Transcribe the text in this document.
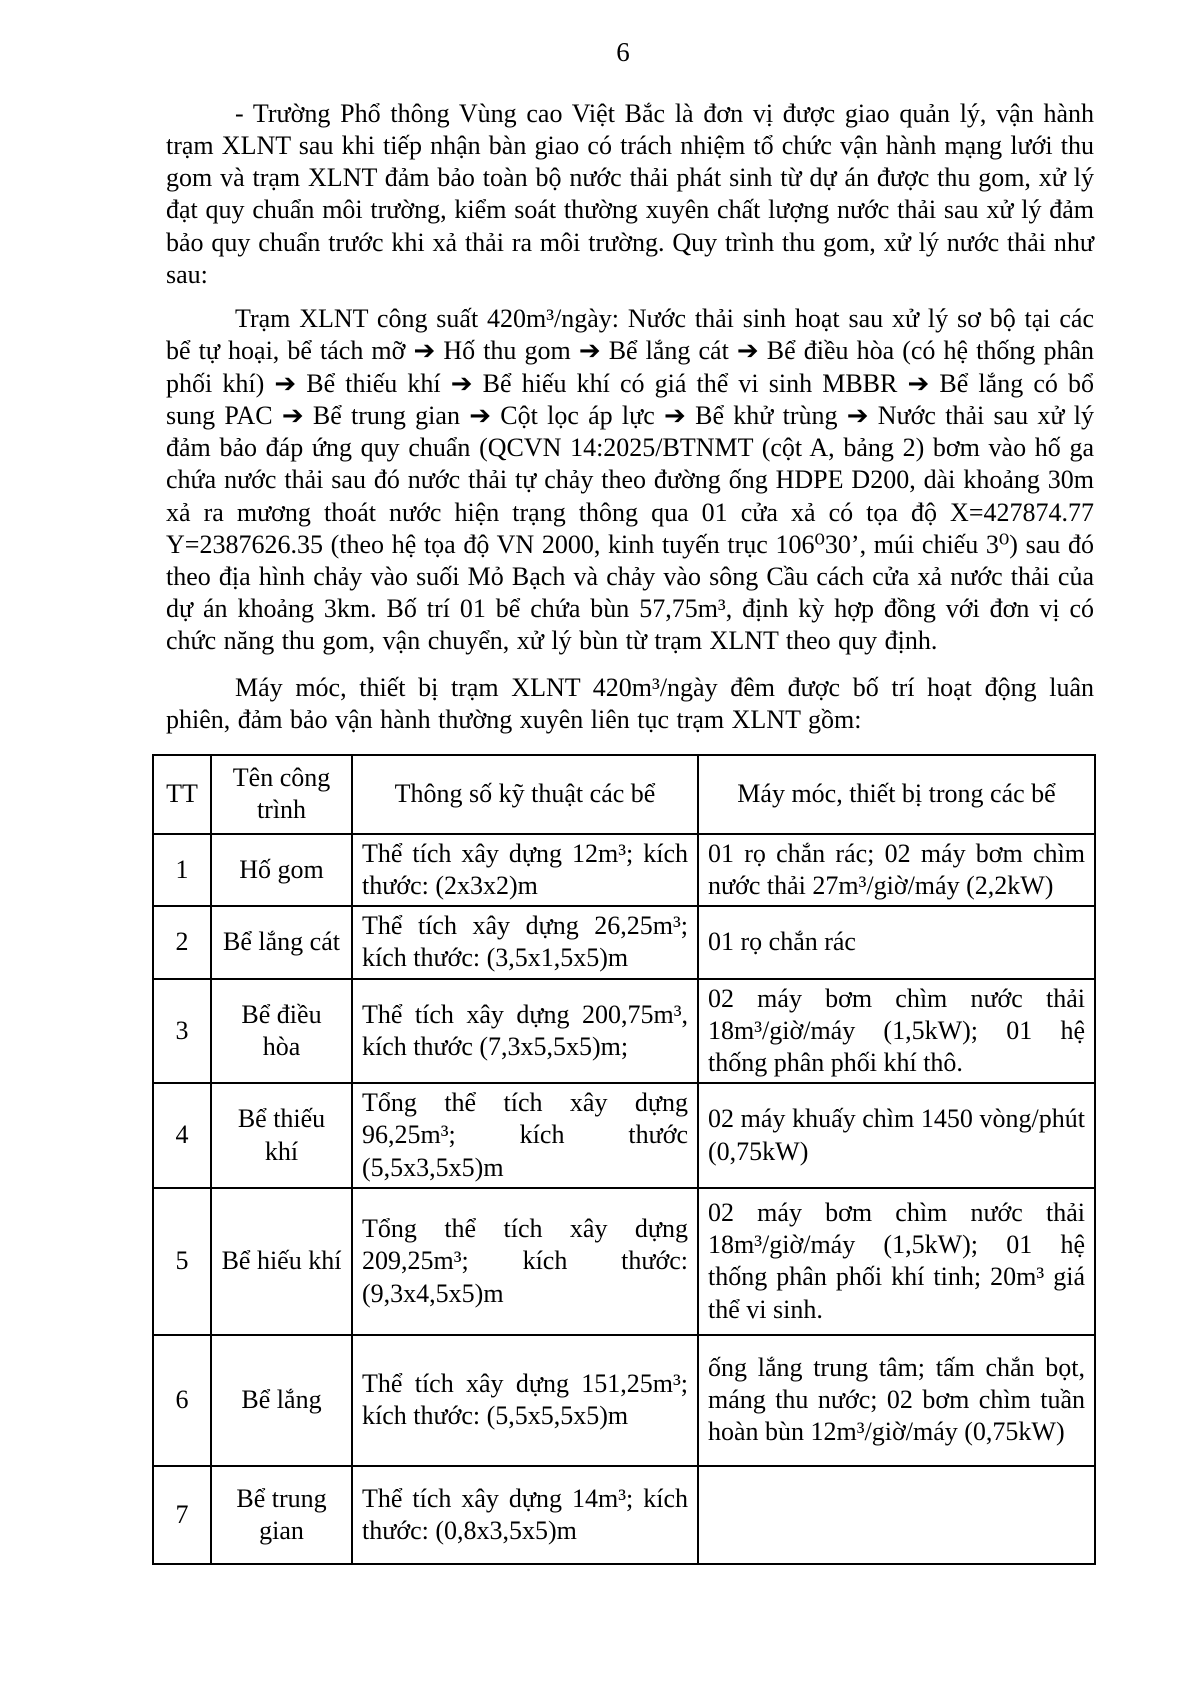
6

- Trường Phổ thông Vùng cao Việt Bắc là đơn vị được giao quản lý, vận hành trạm XLNT sau khi tiếp nhận bàn giao có trách nhiệm tổ chức vận hành mạng lưới thu gom và trạm XLNT đảm bảo toàn bộ nước thải phát sinh từ dự án được thu gom, xử lý đạt quy chuẩn môi trường, kiểm soát thường xuyên chất lượng nước thải sau xử lý đảm bảo quy chuẩn trước khi xả thải ra môi trường. Quy trình thu gom, xử lý nước thải như sau:

Trạm XLNT công suất 420m³/ngày: Nước thải sinh hoạt sau xử lý sơ bộ tại các bể tự hoại, bể tách mỡ ➔ Hố thu gom ➔ Bể lắng cát ➔ Bể điều hòa (có hệ thống phân phối khí) ➔ Bể thiếu khí ➔ Bể hiếu khí có giá thể vi sinh MBBR ➔ Bể lắng có bổ sung PAC ➔ Bể trung gian ➔ Cột lọc áp lực ➔ Bể khử trùng ➔ Nước thải sau xử lý đảm bảo đáp ứng quy chuẩn (QCVN 14:2025/BTNMT (cột A, bảng 2) bơm vào hố ga chứa nước thải sau đó nước thải tự chảy theo đường ống HDPE D200, dài khoảng 30m xả ra mương thoát nước hiện trạng thông qua 01 cửa xả có tọa độ X=427874.77 Y=2387626.35 (theo hệ tọa độ VN 2000, kinh tuyến trục 106⁰30’, múi chiếu 3⁰) sau đó theo địa hình chảy vào suối Mỏ Bạch và chảy vào sông Cầu cách cửa xả nước thải của dự án khoảng 3km. Bố trí 01 bể chứa bùn 57,75m³, định kỳ hợp đồng với đơn vị có chức năng thu gom, vận chuyển, xử lý bùn từ trạm XLNT theo quy định.

Máy móc, thiết bị trạm XLNT 420m³/ngày đêm được bố trí hoạt động luân phiên, đảm bảo vận hành thường xuyên liên tục trạm XLNT gồm:

TT	Tên công trình	Thông số kỹ thuật các bể	Máy móc, thiết bị trong các bể
1	Hố gom	Thể tích xây dựng 12m³; kích thước: (2x3x2)m	01 rọ chắn rác; 02 máy bơm chìm nước thải 27m³/giờ/máy (2,2kW)
2	Bể lắng cát	Thể tích xây dựng 26,25m³; kích thước: (3,5x1,5x5)m	01 rọ chắn rác
3	Bể điều hòa	Thể tích xây dựng 200,75m³, kích thước (7,3x5,5x5)m;	02 máy bơm chìm nước thải 18m³/giờ/máy (1,5kW); 01 hệ thống phân phối khí thô.
4	Bể thiếu khí	Tổng thể tích xây dựng 96,25m³; kích thước (5,5x3,5x5)m	02 máy khuấy chìm 1450 vòng/phút (0,75kW)
5	Bể hiếu khí	Tổng thể tích xây dựng 209,25m³; kích thước: (9,3x4,5x5)m	02 máy bơm chìm nước thải 18m³/giờ/máy (1,5kW); 01 hệ thống phân phối khí tinh; 20m³ giá thể vi sinh.
6	Bể lắng	Thể tích xây dựng 151,25m³; kích thước: (5,5x5,5x5)m	ống lắng trung tâm; tấm chắn bọt, máng thu nước; 02 bơm chìm tuần hoàn bùn 12m³/giờ/máy (0,75kW)
7	Bể trung gian	Thể tích xây dựng 14m³; kích thước: (0,8x3,5x5)m	
